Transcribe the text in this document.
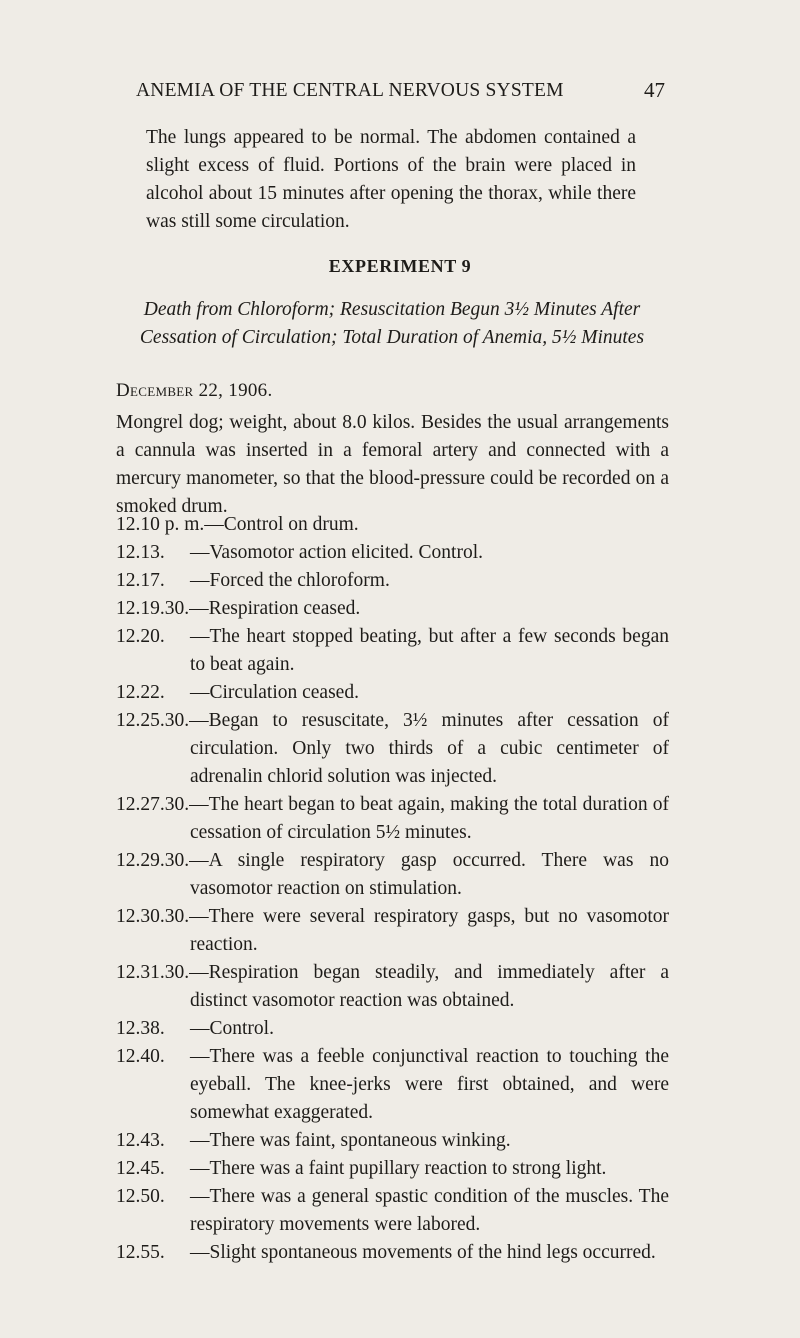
ANEMIA OF THE CENTRAL NERVOUS SYSTEM	47

The lungs appeared to be normal. The abdomen contained a slight excess of fluid. Portions of the brain were placed in alcohol about 15 minutes after opening the thorax, while there was still some circulation.

EXPERIMENT 9

Death from Chloroform; Resuscitation Begun 3½ Minutes After Cessation of Circulation; Total Duration of Anemia, 5½ Minutes

December 22, 1906.

Mongrel dog; weight, about 8.0 kilos. Besides the usual arrangements a cannula was inserted in a femoral artery and connected with a mercury manometer, so that the blood-pressure could be recorded on a smoked drum.

12.10 p. m.—Control on drum.
12.13. —Vasomotor action elicited. Control.
12.17. —Forced the chloroform.
12.19.30.—Respiration ceased.
12.20. —The heart stopped beating, but after a few seconds began to beat again.
12.22. —Circulation ceased.
12.25.30.—Began to resuscitate, 3½ minutes after cessation of circulation. Only two thirds of a cubic centimeter of adrenalin chlorid solution was injected.
12.27.30.—The heart began to beat again, making the total duration of cessation of circulation 5½ minutes.
12.29.30.—A single respiratory gasp occurred. There was no vasomotor reaction on stimulation.
12.30.30.—There were several respiratory gasps, but no vasomotor reaction.
12.31.30.—Respiration began steadily, and immediately after a distinct vasomotor reaction was obtained.
12.38. —Control.
12.40. —There was a feeble conjunctival reaction to touching the eyeball. The knee-jerks were first obtained, and were somewhat exaggerated.
12.43. —There was faint, spontaneous winking.
12.45. —There was a faint pupillary reaction to strong light.
12.50. —There was a general spastic condition of the muscles. The respiratory movements were labored.
12.55. —Slight spontaneous movements of the hind legs occurred.
